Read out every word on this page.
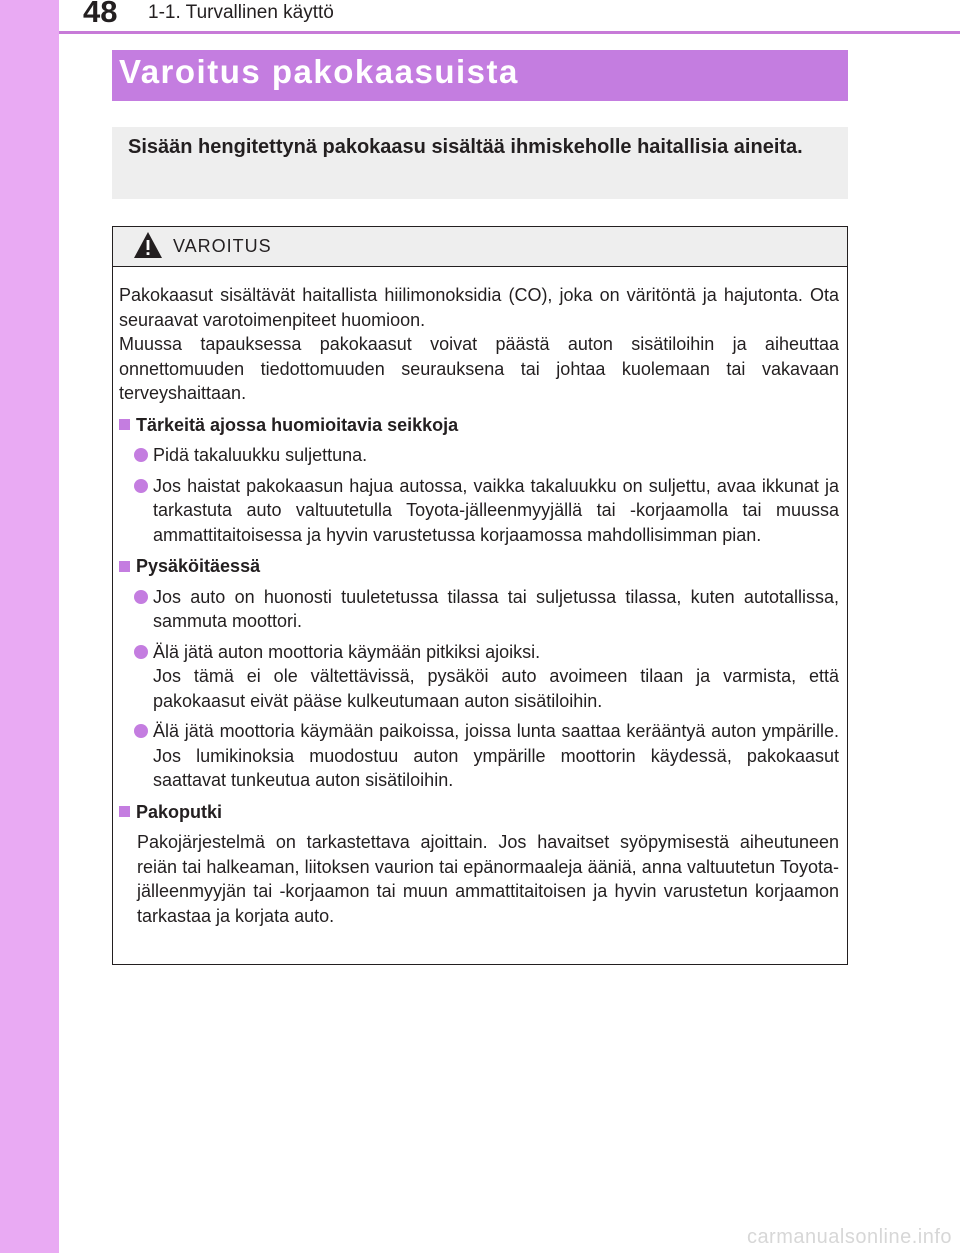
48 1-1. Turvallinen käyttö
Varoitus pakokaasuista
Sisään hengitettynä pakokaasu sisältää ihmiskeholle haitallisia aineita.
VAROITUS

Pakokaasut sisältävät haitallista hiilimonoksidia (CO), joka on väritöntä ja hajutonta. Ota seuraavat varotoimenpiteet huomioon.

Muussa tapauksessa pakokaasut voivat päästä auton sisätiloihin ja aiheuttaa onnettomuuden tiedottomuuden seurauksena tai johtaa kuolemaan tai vakavaan terveyshaittaan.

Tärkeitä ajossa huomioitavia seikkoja

Pidä takaluukku suljettuna.

Jos haistat pakokaasun hajua autossa, vaikka takaluukku on suljettu, avaa ikkunat ja tarkastuta auto valtuutetulla Toyota-jälleenmyyjällä tai -korjaamolla tai muussa ammattitaitoisessa ja hyvin varustetussa korjaamossa mahdollisimman pian.

Pysäköitäessä

Jos auto on huonosti tuuletetussa tilassa tai suljetussa tilassa, kuten autotallissa, sammuta moottori.

Älä jätä auton moottoria käymään pitkiksi ajoiksi.

Jos tämä ei ole vältettävissä, pysäköi auto avoimeen tilaan ja varmista, että pakokaasut eivät pääse kulkeutumaan auton sisätiloihin.

Älä jätä moottoria käymään paikoissa, joissa lunta saattaa kerääntyä auton ympärille. Jos lumikinoksia muodostuu auton ympärille moottorin käydessä, pakokaasut saattavat tunkeutua auton sisätiloihin.

Pakoputki

Pakojärjestelmä on tarkastettava ajoittain. Jos havaitset syöpymisestä aiheutuneen reiän tai halkeaman, liitoksen vaurion tai epänormaaleja ääniä, anna valtuutetun Toyota-jälleenmyyjän tai -korjaamon tai muun ammattitaitoisen ja hyvin varustetun korjaamon tarkastaa ja korjata auto.

carmanualsonline.info
